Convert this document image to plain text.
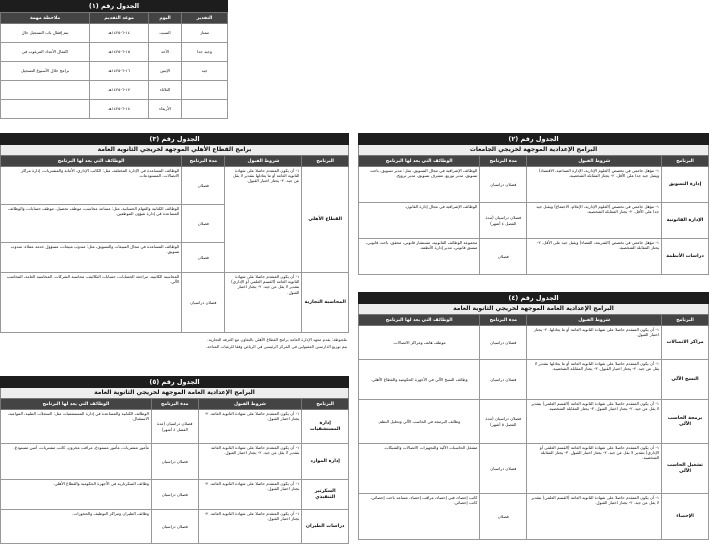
الجدول رقم (١)
التقدير	اليوم	موعد التقديم	ملاحظة مهمة
ممتاز	السبت	١٤-٦-١٤٢٥هـ	يتم إقفال باب التسجيل حال
وجيد جدا	الأحد	١٥-٦-١٤٢٥هـ	اكتمال الأعداد المرغوب في
جيد	الإثنين	١٦-٦-١٤٢٥هـ	برامج خلال الأسبوع التسجيل
	الثلاثاء	١٧-٦-١٤٢٥هـ	
	الأربعاء	١٨-٦-١٤٢٥هـ	
الجدول رقم (٢)
البرامج الإعدادية الموجهة لخريجي الجامعات
البرنامج	شروط القبول	مدة البرنامج	الوظائف التي يعد لها البرنامج
إدارة التسويق	١- مؤهل جامعي في تخصص (العلوم الإدارية، الإدارة الصناعية، الاقتصاد) ويقبل جيد جدا على الأقل. ٢- يجتاز المقابلة الشخصية.	فصلان دراسيان	الوظائف الإشرافية في مجال التسويق، مثل: مدير تسويق، باحث تسويق، مدير توزيع، مشرف تسويق، مدير ترويج.
الإدارة القانونية	١- مؤهل جامعي في تخصص (العلوم الإدارية، الإعلام، الاجتماع) ويقبل جيد جدا على الأقل. ٢- يجتاز المقابلة الشخصية.	فصلان دراسيان (مدة الفصل ٤ أشهر)	الوظائف الإشرافية في مجال إدارة القانون.
دراسات الأنظمة	١- مؤهل جامعي في تخصص (الشريعة، القضاء) ويقبل جيد على الأقل. ٢- يجتاز المقابلة الشخصية.	فصلان	مجموعة الوظائف القانونية، مستشار قانوني، محقق، باحث قانوني، منسق قانوني، مدير إدارة الأنظمة.
الجدول رقم (٣)
برامج القطاع الأهلي الموجهة لخريجي الثانوية العامة
البرنامج	شروط القبول	مدة البرنامج	الوظائف التي يعد لها البرنامج
القطاع الأهلي	١- أن يكون المتقدم حاصلا على شهادة الثانوية العامة أو ما يعادلها بتقدير لا يقل عن جيد. ٢- يجتاز اختبار القبول.	فصلان	الوظائف المساعدة في الإدارة المختلفة، مثل: الكاتب الإداري، الأمانة والمشتريات، إدارة مراكز الاتصالات، المستودعات.
		فصلان	الوظائف الكتابية والمهام الحسابية، مثل: مساعد محاسب، موظف تحصيل، موظف حسابات، والوظائف المساعدة في إدارة شؤون الموظفين.
		فصلان	الوظائف المساعدة في مجال المبيعات والتسويق، مثل: مندوب مبيعات، مسؤول خدمة عملاء، مندوب تسويق.
المحاسبة التجارية	١- أن يكون المتقدم حاصلا على شهادة الثانوية العامة (القسم العلمي أو الإداري) بتقدير لا يقل عن جيد. ٢- يجتاز اختبار القبول.	فصلان دراسيان	المحاسبة الكاتبية، مراجعة الحسابات، حسابات التكاليف، محاسبة الشركات، المحاسبة العامة، المحاسب الآلي.
ملحوظة: يقدم معهد الإدارة العامة برامج القطاع الأهلي بالتعاون مع الغرفة التجارية.
يتم توزيع الدارسين المقبولين في المركز الرئيسي في الرياض وفقا للرغبات المتاحة.
الجدول رقم (٤)
البرامج الإعدادية العامة الموجهة لخريجي الثانوية العامة
البرنامج	شروط القبول	مدة البرنامج	الوظائف التي يعد لها البرنامج
مراكز الاتصالات	١- أن يكون المتقدم حاصلا على شهادة الثانوية العامة أو ما يعادلها. ٢- يجتاز اختبار القبول.	فصلان دراسيان	موظف هاتف ومراكز الاتصالات.
النسخ الآلي	١- أن يكون المتقدم حاصلا على شهادة الثانوية العامة أو ما يعادلها بتقدير لا يقل عن جيد. ٢- يجتاز اختبار القبول. ٣- يجتاز المقابلة الشخصية.	فصلان دراسيان	وظائف النسخ الآلي في الأجهزة الحكومية والقطاع الأهلي.
برمجة الحاسب الآلي	١- أن يكون المتقدم حاصلا على شهادة الثانوية العامة (القسم العلمي) بتقدير لا يقل عن جيد. ٢- يجتاز اختبار القبول. ٣- يجتاز المقابلة الشخصية.	فصلان دراسيان (مدة الفصل ٥ أشهر)	وظائف البرمجة في الحاسب الآلي وتحليل النظم.
تشغيل الحاسب الآلي	١- أن يكون المتقدم حاصلا على شهادة الثانوية العامة (القسم العلمي أو الإداري) بتقدير لا يقل عن جيد. ٢- يجتاز اختبار القبول. ٣- يجتاز المقابلة الشخصية.	فصلان دراسيان	مشغل الحاسبات الآلية والتجهيزات الاتصالات والشبكات.
الإحصاء	١- أن يكون المتقدم حاصلا على شهادة الثانوية العامة (القسم العلمي) بتقدير لا يقل عن جيد. ٢- يجتاز اختبار القبول.	فصلان	كاتب إحصاء، فني إحصاء، مراقب إحصاء، مساعد باحث إحصائي، كاتب إحصائي.
الجدول رقم (٥)
البرامج الإعدادية العامة الموجهة لخريجي الثانوية العامة
البرنامج	شروط القبول	مدة البرنامج	الوظائف التي يعد لها البرنامج
إدارة المستشفيات	١- أن يكون المتقدم حاصلا على شهادة الثانوية العامة. ٢- يجتاز اختبار القبول.	فصلان دراسيان (مدة الفصل ٤ أشهر)	الوظائف الكتابية والمساعدة في إدارة المستشفيات مثل: السجلات الطبية، المواعيد، الاستقبال.
إدارة الموارد	١- أن يكون المتقدم حاصلا على شهادة الثانوية العامة بتقدير لا يقل عن جيد. ٢- يجتاز اختبار القبول.	فصلان دراسيان	مأمور مشتريات، مأمور مستودع، مراقب مخزون، كاتب مشتريات، أمين مستودع.
السكرتير التنفيذي	١- أن يكون المتقدم حاصلا على شهادة الثانوية العامة. ٢- يجتاز اختبار القبول.	فصلان دراسيان	وظائف السكرتارية في الأجهزة الحكومية والقطاع الأهلي.
دراسات الطيران	١- أن يكون المتقدم حاصلا على شهادة الثانوية العامة. ٢- يجتاز اختبار القبول.	فصلان دراسيان	وظائف الطيران ومراكز التوظيف والحجوزات.
